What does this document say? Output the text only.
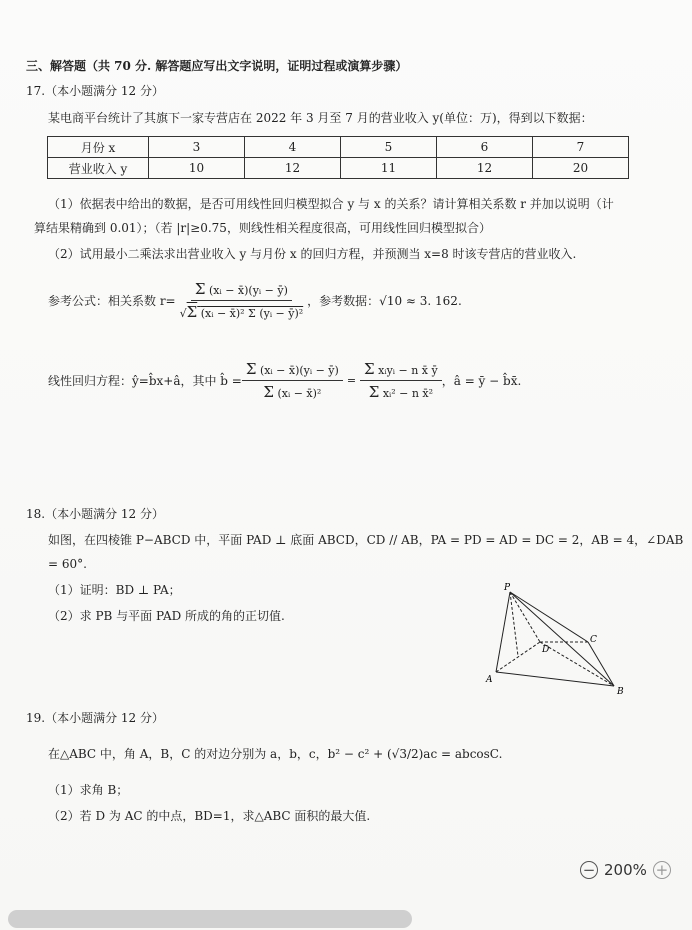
三、解答题（共 70 分. 解答题应写出文字说明，证明过程或演算步骤）
17.（本小题满分 12 分）
某电商平台统计了其旗下一家专营店在 2022 年 3 月至 7 月的营业收入 y(单位：万)，得到以下数据：
月份 x	3	4	5	6	7
营业收入 y	10	12	11	12	20
（1）依据表中给出的数据，是否可用线性回归模型拟合 y 与 x 的关系？请计算相关系数 r 并加以说明（计
算结果精确到 0.01）；（若 |r|≥0.75，则线性相关程度很高，可用线性回归模型拟合）
（2）试用最小二乘法求出营业收入 y 与月份 x 的回归方程，并预测当 x=8 时该专营店的营业收入.
参考公式：相关系数 $r= \frac{\text{Σ (xᵢ − x̄)(yᵢ − ȳ)}}{\text{√Σ (xᵢ − x̄)² Σ (yᵢ − ȳ)²}}$ ，参考数据：√10 ≈ 3. 162.
线性回归方程：ŷ=b̂x+â，其中 b̂ = $\frac{\text{Σ (xᵢ − x̄)(yᵢ − ȳ)}}{\text{Σ (xᵢ − x̄)²}} = \frac{\text{Σ xᵢyᵢ − n x̄ ȳ}}{\text{Σ xᵢ² − n x̄²}}$ ，â = ȳ − b̂x̄.
18.（本小题满分 12 分）
如图，在四棱锥 P−ABCD 中，平面 PAD ⊥ 底面 ABCD，CD // AB，PA = PD = AD = DC = 2，AB = 4，∠DAB
= 60°.
（1）证明：BD ⊥ PA；
（2）求 PB 与平面 PAD 所成的角的正切值.
P
A
B
C
D
19.（本小题满分 12 分）
在△ABC 中，角 A，B，C 的对边分别为 a，b，c，b² − c² + (√3/2)ac = abcosC.
（1）求角 B；
（2）若 D 为 AC 的中点，BD=1，求△ABC 面积的最大值.
− 200% +
